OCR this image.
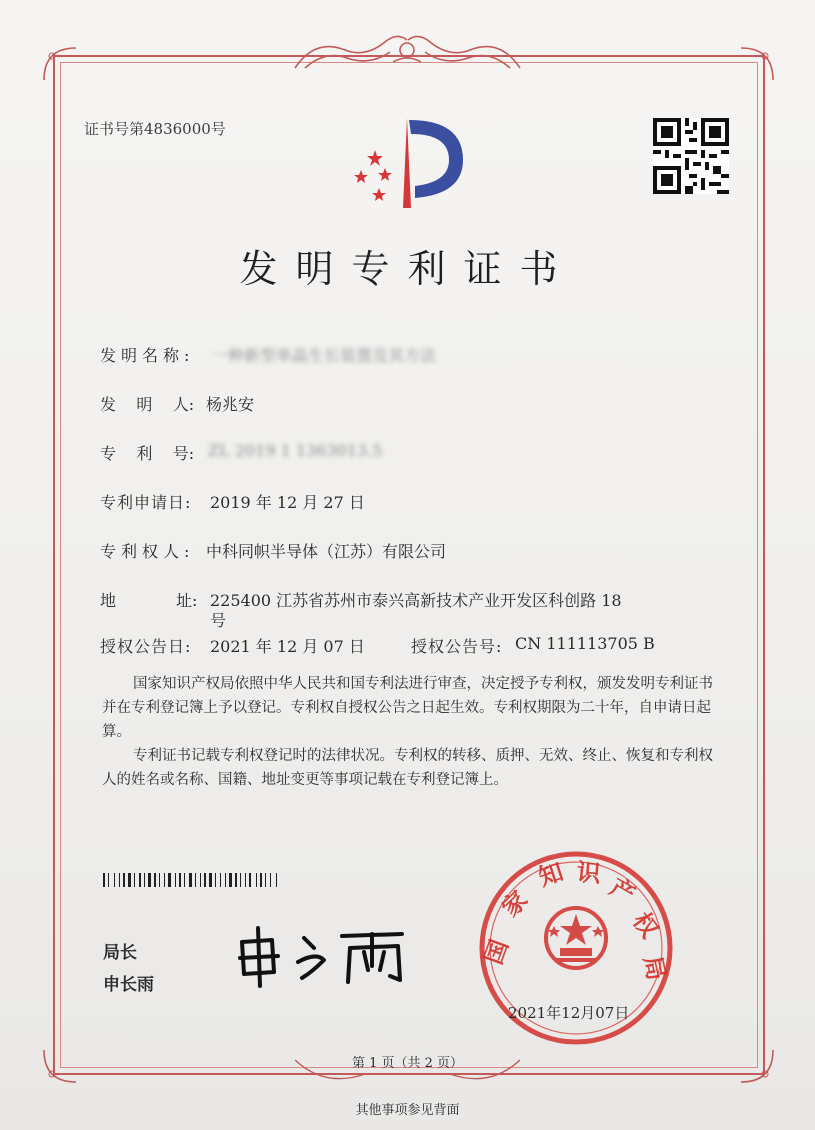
证书号第4836000号
发明专利证书
发明名称: 一种新型单晶生长装置及其方法
发    明    人: 杨兆安
专    利    号: ZL 2019 1 1363013.5
专利申请日: 2019 年 12 月 27 日
专利权人: 中科同帜半导体（江苏）有限公司
地	址: 225400 江苏省苏州市泰兴高新技术产业开发区科创路 18
号
授权公告日: 2021 年 12 月 07 日	授权公告号: CN 111113705 B
国家知识产权局依照中华人民共和国专利法进行审查，决定授予专利权，颁发发明专利证书并在专利登记簿上予以登记。专利权自授权公告之日起生效。专利权期限为二十年，自申请日起算。
专利证书记载专利权登记时的法律状况。专利权的转移、质押、无效、终止、恢复和专利权人的姓名或名称、国籍、地址变更等事项记载在专利登记簿上。
局长
申长雨
国
家
知 识 产
权
局
2021年12月07日
第 1 页（共 2 页）
其他事项参见背面
